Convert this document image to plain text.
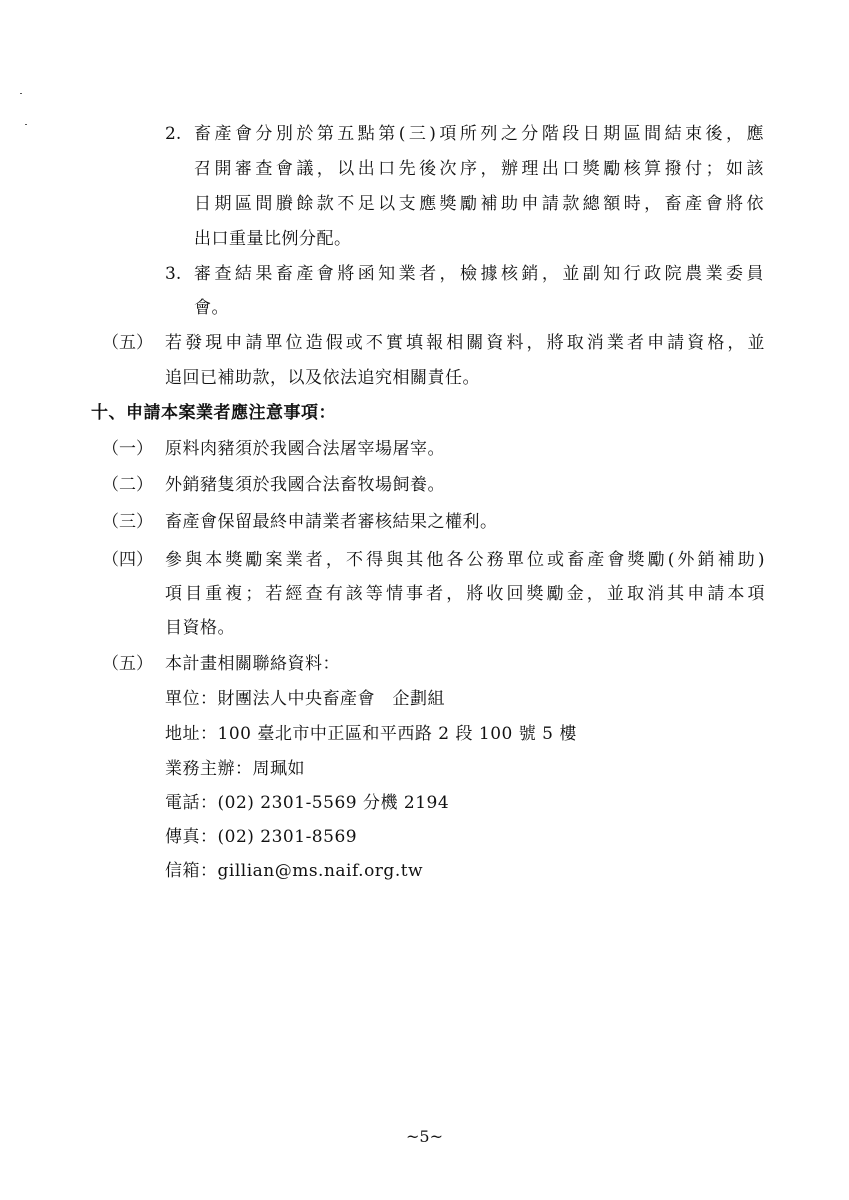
2. 畜產會分別於第五點第(三)項所列之分階段日期區間結束後，應
召開審查會議，以出口先後次序，辦理出口獎勵核算撥付；如該
日期區間賸餘款不足以支應獎勵補助申請款總額時，畜產會將依
出口重量比例分配。
3. 審查結果畜產會將函知業者，檢據核銷，並副知行政院農業委員
會。
（五） 若發現申請單位造假或不實填報相關資料，將取消業者申請資格，並
追回已補助款，以及依法追究相關責任。
十、申請本案業者應注意事項：
（一） 原料肉豬須於我國合法屠宰場屠宰。
（二） 外銷豬隻須於我國合法畜牧場飼養。
（三） 畜產會保留最終申請業者審核結果之權利。
（四） 參與本獎勵案業者，不得與其他各公務單位或畜產會獎勵(外銷補助)
項目重複；若經查有該等情事者，將收回獎勵金，並取消其申請本項
目資格。
（五） 本計畫相關聯絡資料：
單位：財團法人中央畜產會　企劃組
地址：100 臺北市中正區和平西路 2 段 100 號 5 樓
業務主辦：周珮如
電話：(02) 2301-5569 分機 2194
傳真：(02) 2301-8569
信箱：gillian@ms.naif.org.tw
~5~
